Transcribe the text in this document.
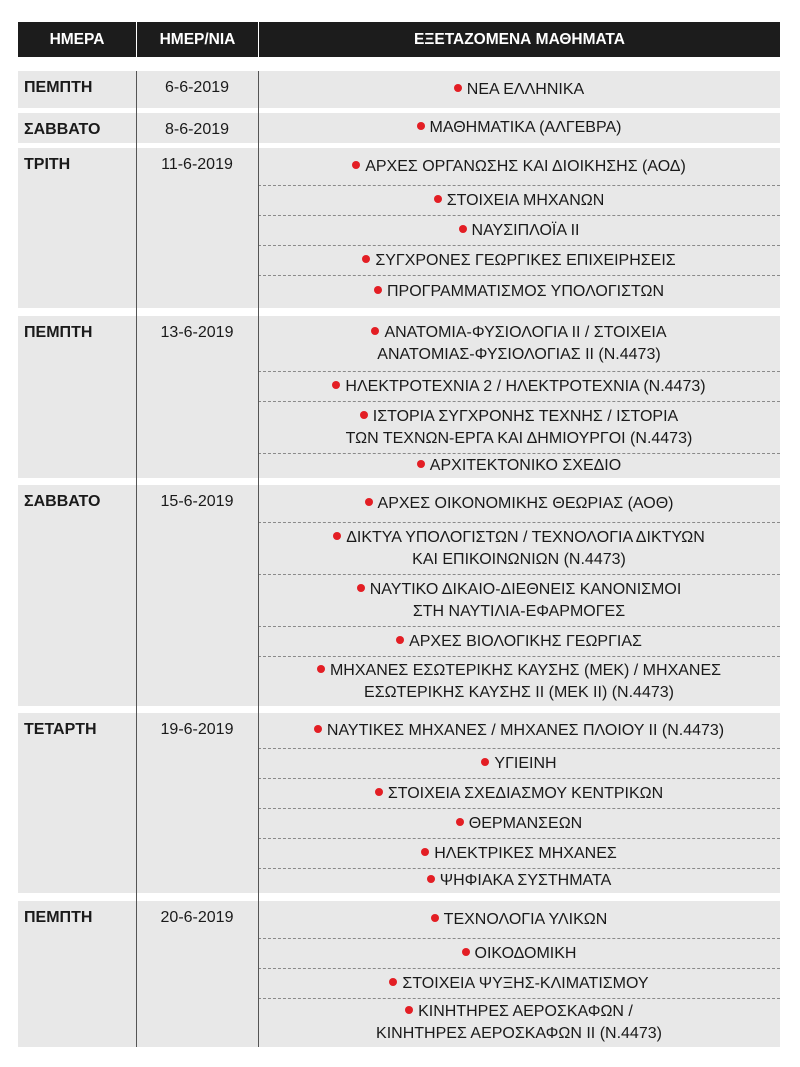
ΗΜΕΡΑ	ΗΜΕΡ/ΝΙΑ	ΕΞΕΤΑΖΟΜΕΝΑ ΜΑΘΗΜΑΤΑ
ΠΕΜΠΤΗ	6-6-2019	ΝΕΑ ΕΛΛΗΝΙΚΑ
ΣΑΒΒΑΤΟ	8-6-2019	ΜΑΘΗΜΑΤΙΚΑ (ΑΛΓΕΒΡΑ)
ΤΡΙΤΗ	11-6-2019	ΑΡΧΕΣ ΟΡΓΑΝΩΣΗΣ ΚΑΙ ΔΙΟΙΚΗΣΗΣ (ΑΟΔ)
ΣΤΟΙΧΕΙΑ ΜΗΧΑΝΩΝ
ΝΑΥΣΙΠΛΟΪΑ ΙΙ
ΣΥΓΧΡΟΝΕΣ ΓΕΩΡΓΙΚΕΣ ΕΠΙΧΕΙΡΗΣΕΙΣ
ΠΡΟΓΡΑΜΜΑΤΙΣΜΟΣ ΥΠΟΛΟΓΙΣΤΩΝ
ΠΕΜΠΤΗ	13-6-2019	ΑΝΑΤΟΜΙΑ-ΦΥΣΙΟΛΟΓΙΑ ΙΙ / ΣΤΟΙΧΕΙΑ
ΑΝΑΤΟΜΙΑΣ-ΦΥΣΙΟΛΟΓΙΑΣ ΙΙ (Ν.4473)
ΗΛΕΚΤΡΟΤΕΧΝΙΑ 2 / ΗΛΕΚΤΡΟΤΕΧΝΙΑ (Ν.4473)
ΙΣΤΟΡΙΑ ΣΥΓΧΡΟΝΗΣ ΤΕΧΝΗΣ / ΙΣΤΟΡΙΑ
ΤΩΝ ΤΕΧΝΩΝ-ΕΡΓΑ ΚΑΙ ΔΗΜΙΟΥΡΓΟΙ (Ν.4473)
ΑΡΧΙΤΕΚΤΟΝΙΚΟ ΣΧΕΔΙΟ
ΣΑΒΒΑΤΟ	15-6-2019	ΑΡΧΕΣ ΟΙΚΟΝΟΜΙΚΗΣ ΘΕΩΡΙΑΣ (ΑΟΘ)
ΔΙΚΤΥΑ ΥΠΟΛΟΓΙΣΤΩΝ / ΤΕΧΝΟΛΟΓΙΑ ΔΙΚΤΥΩΝ
ΚΑΙ ΕΠΙΚΟΙΝΩΝΙΩΝ (Ν.4473)
ΝΑΥΤΙΚΟ ΔΙΚΑΙΟ-ΔΙΕΘΝΕΙΣ ΚΑΝΟΝΙΣΜΟΙ
ΣΤΗ ΝΑΥΤΙΛΙΑ-ΕΦΑΡΜΟΓΕΣ
ΑΡΧΕΣ ΒΙΟΛΟΓΙΚΗΣ ΓΕΩΡΓΙΑΣ
ΜΗΧΑΝΕΣ ΕΣΩΤΕΡΙΚΗΣ ΚΑΥΣΗΣ (ΜΕΚ) / ΜΗΧΑΝΕΣ
ΕΣΩΤΕΡΙΚΗΣ ΚΑΥΣΗΣ ΙΙ (ΜΕΚ ΙΙ) (Ν.4473)
ΤΕΤΑΡΤΗ	19-6-2019	ΝΑΥΤΙΚΕΣ ΜΗΧΑΝΕΣ / ΜΗΧΑΝΕΣ ΠΛΟΙΟΥ ΙΙ (Ν.4473)
ΥΓΙΕΙΝΗ
ΣΤΟΙΧΕΙΑ ΣΧΕΔΙΑΣΜΟΥ ΚΕΝΤΡΙΚΩΝ
ΘΕΡΜΑΝΣΕΩΝ
ΗΛΕΚΤΡΙΚΕΣ ΜΗΧΑΝΕΣ
ΨΗΦΙΑΚΑ ΣΥΣΤΗΜΑΤΑ
ΠΕΜΠΤΗ	20-6-2019	ΤΕΧΝΟΛΟΓΙΑ ΥΛΙΚΩΝ
ΟΙΚΟΔΟΜΙΚΗ
ΣΤΟΙΧΕΙΑ ΨΥΞΗΣ-ΚΛΙΜΑΤΙΣΜΟΥ
ΚΙΝΗΤΗΡΕΣ ΑΕΡΟΣΚΑΦΩΝ /
ΚΙΝΗΤΗΡΕΣ ΑΕΡΟΣΚΑΦΩΝ ΙΙ (Ν.4473)
